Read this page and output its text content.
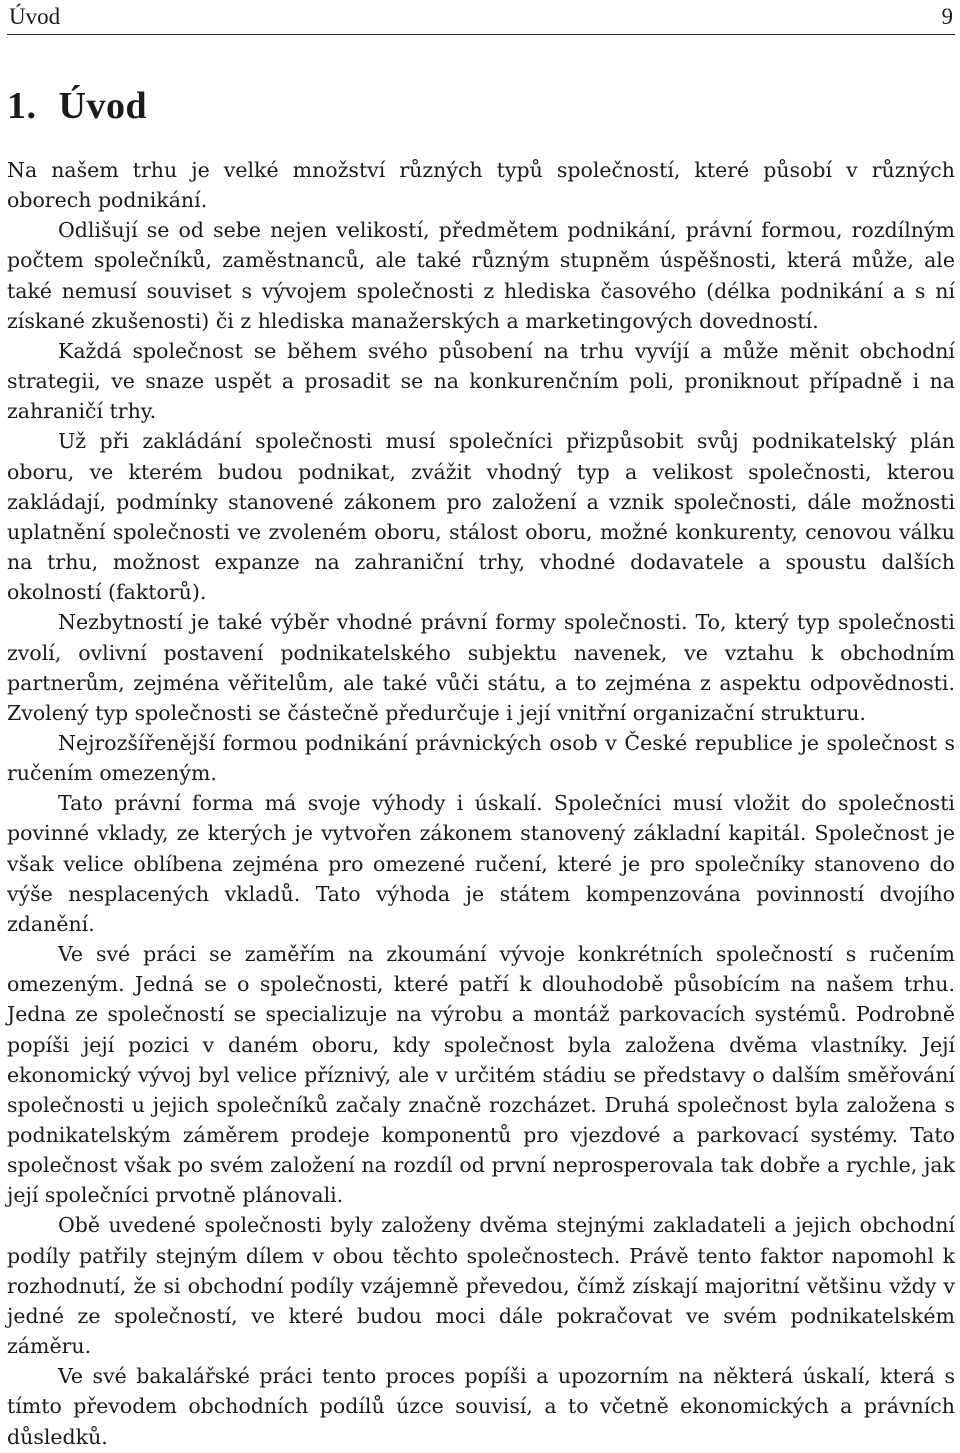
Úvod	9
1. Úvod

Na našem trhu je velké množství různých typů společností, které působí v různých oborech podnikání.

Odlišují se od sebe nejen velikostí, předmětem podnikání, právní formou, rozdílným počtem společníků, zaměstnanců, ale také různým stupněm úspěšnosti, která může, ale také nemusí souviset s vývojem společnosti z hlediska časového (délka podnikání a s ní získané zkušenosti) či z hlediska manažerských a marketingových dovedností.

Každá společnost se během svého působení na trhu vyvíjí a může měnit obchodní strategii, ve snaze uspět a prosadit se na konkurenčním poli, proniknout případně i na zahraničí trhy.

Už při zakládání společnosti musí společníci přizpůsobit svůj podnikatelský plán oboru, ve kterém budou podnikat, zvážit vhodný typ a velikost společnosti, kterou zakládají, podmínky stanovené zákonem pro založení a vznik společnosti, dále možnosti uplatnění společnosti ve zvoleném oboru, stálost oboru, možné konkurenty, cenovou válku na trhu, možnost expanze na zahraniční trhy, vhodné dodavatele a spoustu dalších okolností (faktorů).

Nezbytností je také výběr vhodné právní formy společnosti. To, který typ společnosti zvolí, ovlivní postavení podnikatelského subjektu navenek, ve vztahu k obchodním partnerům, zejména věřitelům, ale také vůči státu, a to zejména z aspektu odpovědnosti. Zvolený typ společnosti se částečně předurčuje i její vnitřní organizační strukturu.

Nejrozšířenější formou podnikání právnických osob v České republice je společnost s ručením omezeným.

Tato právní forma má svoje výhody i úskalí. Společníci musí vložit do společnosti povinné vklady, ze kterých je vytvořen zákonem stanovený základní kapitál. Společnost je však velice oblíbena zejména pro omezené ručení, které je pro společníky stanoveno do výše nesplacených vkladů. Tato výhoda je státem kompenzována povinností dvojího zdanění.

Ve své práci se zaměřím na zkoumání vývoje konkrétních společností s ručením omezeným. Jedná se o společnosti, které patří k dlouhodobě působícím na našem trhu. Jedna ze společností se specializuje na výrobu a montáž parkovacích systémů. Podrobně popíši její pozici v daném oboru, kdy společnost byla založena dvěma vlastníky. Její ekonomický vývoj byl velice příznivý, ale v určitém stádiu se představy o dalším směřování společnosti u jejich společníků začaly značně rozcházet. Druhá společnost byla založena s podnikatelským záměrem prodeje komponentů pro vjezdové a parkovací systémy. Tato společnost však po svém založení na rozdíl od první neprosperovala tak dobře a rychle, jak její společníci prvotně plánovali.

Obě uvedené společnosti byly založeny dvěma stejnými zakladateli a jejich obchodní podíly patřily stejným dílem v obou těchto společnostech. Právě tento faktor napomohl k rozhodnutí, že si obchodní podíly vzájemně převedou, čímž získají majoritní většinu vždy v jedné ze společností, ve které budou moci dále pokračovat ve svém podnikatelském záměru.

Ve své bakalářské práci tento proces popíši a upozorním na některá úskalí, která s tímto převodem obchodních podílů úzce souvisí, a to včetně ekonomických a právních důsledků.
